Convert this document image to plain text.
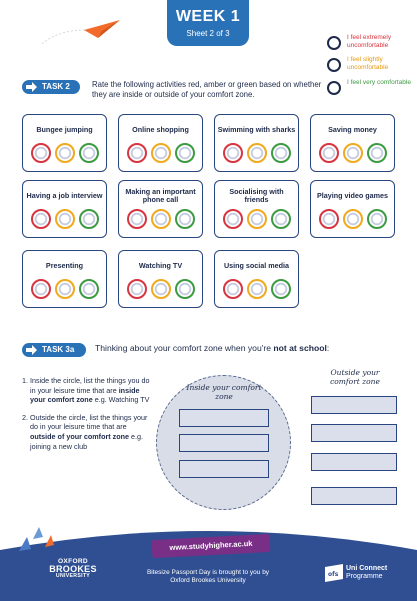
WEEK 1
Sheet 2 of 3	I feel extremely uncomfortable
I feel slightly uncomfortable
I feel very comfortable
TASK 2	Rate the following activities red, amber or green based on whether they are inside or outside of your comfort zone.
Bungee jumping	Online shopping	Swimming with sharks	Saving money
Having a job interview	Making an important phone call
Socialising with friends	Playing video games
Presenting	Watching TV	Using social media
TASK 3a	Thinking about your comfort zone when you're not at school:
1. Inside the circle, list the things you do in your leisure time that are inside your comfort zone e.g. Watching TV
2. Outside the circle, list the things your do in your leisure time that are outside of your comfort zone e.g. joining a new club
Inside your comfort zone
Outside your comfort zone
www.studyhigher.ac.uk
Bitesize Passport Day is brought to you by Oxford Brookes University
OXFORD
BROOKES
UNIVERSITY	ofs
Uni Connect
Programme
